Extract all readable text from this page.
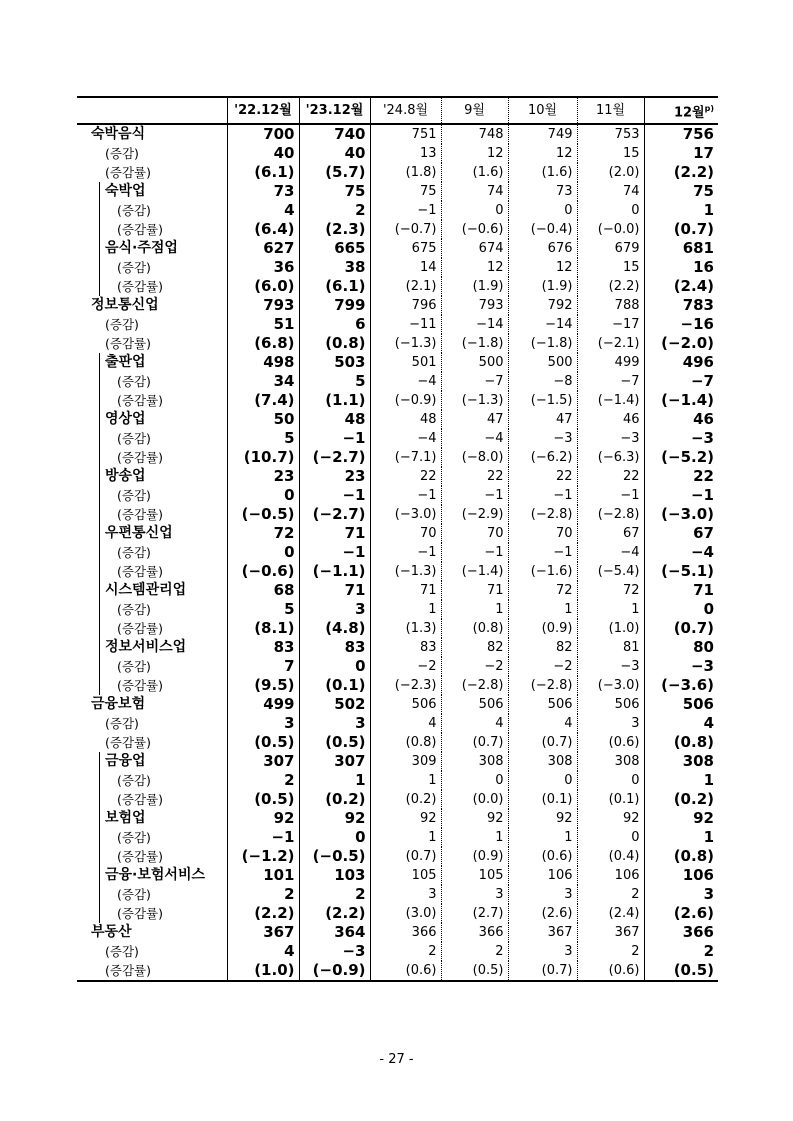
	'22.12월	'23.12월	'24.8월	9월	10월	11월	12월$^{p)}$

숙박음식	700	740	751	748	749	753	756

(증감)	40	40	13	12	12	15	17

(증감률)	(6.1)	(5.7)	(1.8)	(1.6)	(1.6)	(2.0)	(2.2)

숙박업	73	75	75	74	73	74	75

(증감)	4	2	−1	0	0	0	1

(증감률)	(6.4)	(2.3)	(−0.7)	(−0.6)	(−0.4)	(−0.0)	(0.7)

음식·주점업	627	665	675	674	676	679	681

(증감)	36	38	14	12	12	15	16

(증감률)	(6.0)	(6.1)	(2.1)	(1.9)	(1.9)	(2.2)	(2.4)

정보통신업	793	799	796	793	792	788	783

(증감)	51	6	−11	−14	−14	−17	−16

(증감률)	(6.8)	(0.8)	(−1.3)	(−1.8)	(−1.8)	(−2.1)	(−2.0)

출판업	498	503	501	500	500	499	496

(증감)	34	5	−4	−7	−8	−7	−7

(증감률)	(7.4)	(1.1)	(−0.9)	(−1.3)	(−1.5)	(−1.4)	(−1.4)

영상업	50	48	48	47	47	46	46

(증감)	5	−1	−4	−4	−3	−3	−3

(증감률)	(10.7)	(−2.7)	(−7.1)	(−8.0)	(−6.2)	(−6.3)	(−5.2)

방송업	23	23	22	22	22	22	22

(증감)	0	−1	−1	−1	−1	−1	−1

(증감률)	(−0.5)	(−2.7)	(−3.0)	(−2.9)	(−2.8)	(−2.8)	(−3.0)

우편통신업	72	71	70	70	70	67	67

(증감)	0	−1	−1	−1	−1	−4	−4

(증감률)	(−0.6)	(−1.1)	(−1.3)	(−1.4)	(−1.6)	(−5.4)	(−5.1)

시스템관리업	68	71	71	71	72	72	71

(증감)	5	3	1	1	1	1	0

(증감률)	(8.1)	(4.8)	(1.3)	(0.8)	(0.9)	(1.0)	(0.7)

정보서비스업	83	83	83	82	82	81	80

(증감)	7	0	−2	−2	−2	−3	−3

(증감률)	(9.5)	(0.1)	(−2.3)	(−2.8)	(−2.8)	(−3.0)	(−3.6)

금융보험	499	502	506	506	506	506	506

(증감)	3	3	4	4	4	3	4

(증감률)	(0.5)	(0.5)	(0.8)	(0.7)	(0.7)	(0.6)	(0.8)

금융업	307	307	309	308	308	308	308

(증감)	2	1	1	0	0	0	1

(증감률)	(0.5)	(0.2)	(0.2)	(0.0)	(0.1)	(0.1)	(0.2)

보험업	92	92	92	92	92	92	92

(증감)	−1	0	1	1	1	0	1

(증감률)	(−1.2)	(−0.5)	(0.7)	(0.9)	(0.6)	(0.4)	(0.8)

금융·보험서비스	101	103	105	105	106	106	106

(증감)	2	2	3	3	3	2	3

(증감률)	(2.2)	(2.2)	(3.0)	(2.7)	(2.6)	(2.4)	(2.6)

부동산	367	364	366	366	367	367	366

(증감)	4	−3	2	2	3	2	2

(증감률)	(1.0)	(−0.9)	(0.6)	(0.5)	(0.7)	(0.6)	(0.5)
- 27 -
